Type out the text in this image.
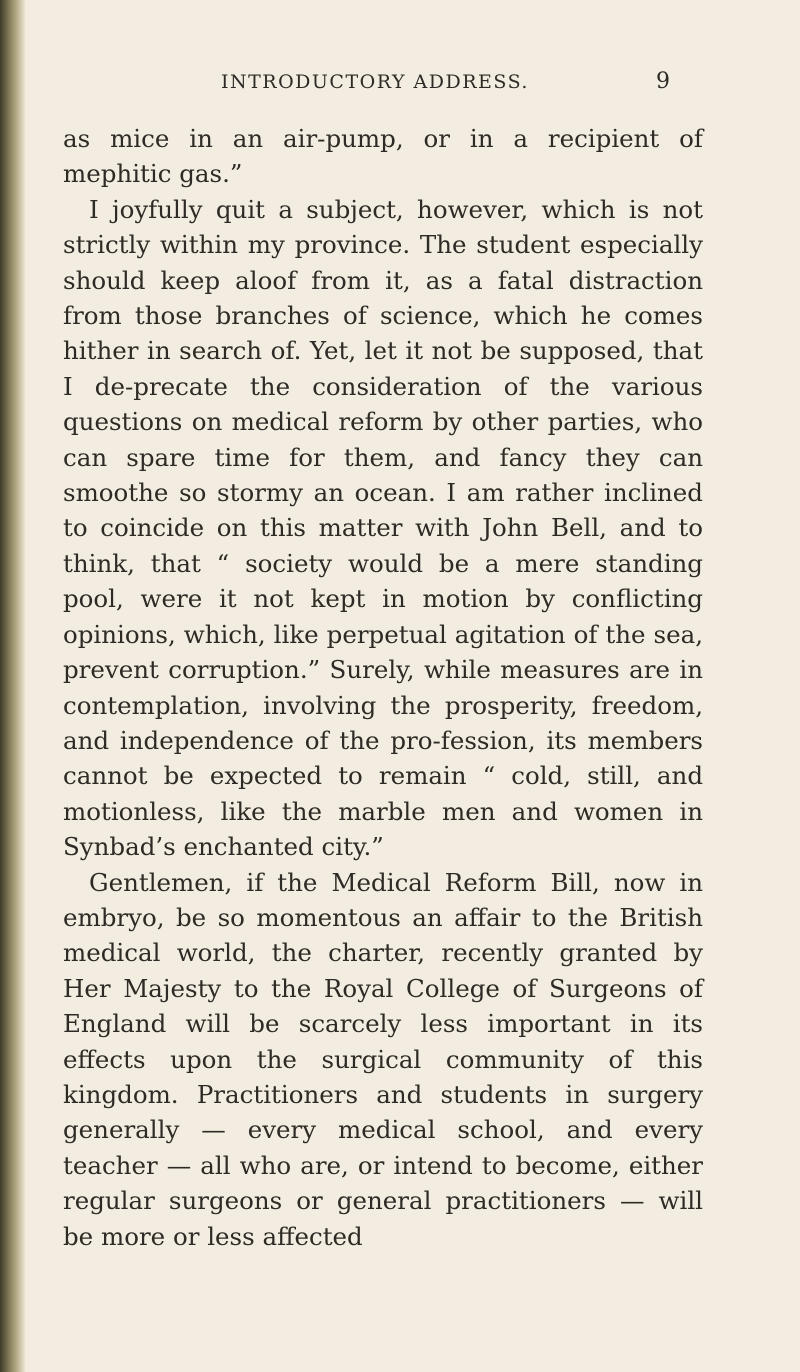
INTRODUCTORY ADDRESS.	9

as mice in an air-pump, or in a recipient of mephitic gas.”

I joyfully quit a subject, however, which is not strictly within my province. The student especially should keep aloof from it, as a fatal distraction from those branches of science, which he comes hither in search of. Yet, let it not be supposed, that I de-precate the consideration of the various questions on medical reform by other parties, who can spare time for them, and fancy they can smoothe so stormy an ocean. I am rather inclined to coincide on this matter with John Bell, and to think, that “ society would be a mere standing pool, were it not kept in motion by conflicting opinions, which, like perpetual agitation of the sea, prevent corruption.” Surely, while measures are in contemplation, involving the prosperity, freedom, and independence of the pro-fession, its members cannot be expected to remain “ cold, still, and motionless, like the marble men and women in Synbad’s enchanted city.”

Gentlemen, if the Medical Reform Bill, now in embryo, be so momentous an affair to the British medical world, the charter, recently granted by Her Majesty to the Royal College of Surgeons of England will be scarcely less important in its effects upon the surgical community of this kingdom. Practitioners and students in surgery generally — every medical school, and every teacher — all who are, or intend to become, either regular surgeons or general practitioners — will be more or less affected
